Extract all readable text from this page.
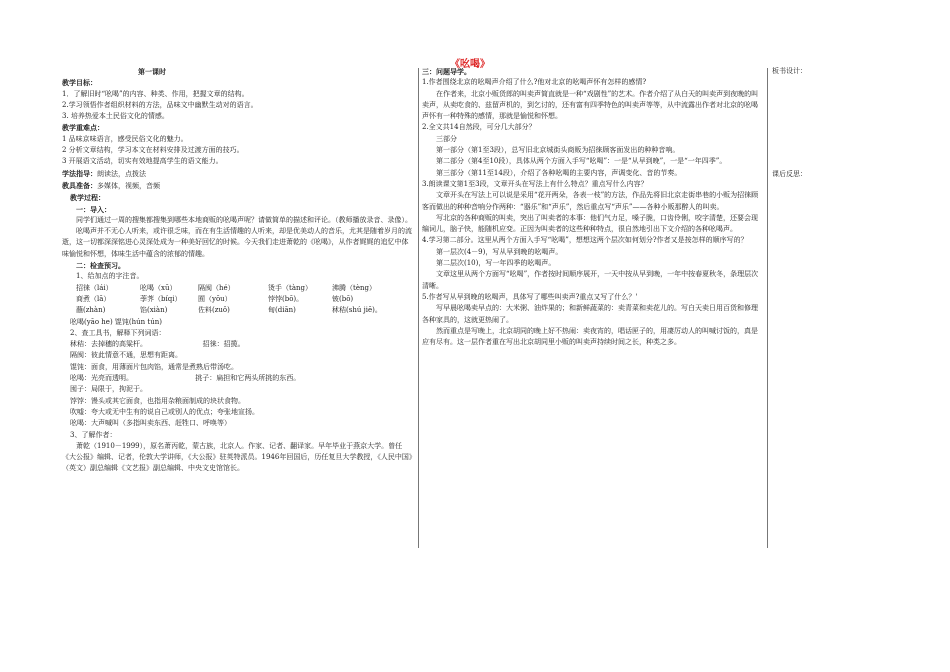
《吆喝》

第一课时

教学目标：

1．了解旧时“吆喝”的内容、种类、作用，把握文章的结构。

2.学习领悟作者组织材料的方法，品味文中幽默生动对的语言。

3. 培养热爱本土民俗文化的情感。

教学重难点：

1 品味京味语言，感受民俗文化的魅力。

2 分析文章结构，学习本文在材料安排及过渡方面的技巧。

3 开展语文活动，切实有效地提高学生的语文能力。

学法指导：朗读法，点拨法

教具准备：多媒体，视频，音频

教学过程：

一：导入：

同学们通过一周的搜集都搜集到哪些本地商贩的吆喝声呢？请做简单的描述和评论。（教师播放录音、录像）。

吆喝声并不无心人听来，或许很乏味，而在有生活情趣的人听来，却是优美动人的音乐，尤其是随着岁月的流逝，这一切都深深铭进心灵深处成为一种美好回忆的时候。今天我们走进萧乾的《吆喝》，从作者娓娓的追忆中体味愉悦和怀想，体味生活中蕴含的浓郁的情趣。

二：检查预习。

1、给加点的字注音。

招徕（lái）	吆喝（xū）	隔阂（hé）	烫手（tàng）	沸腾（tèng）
商煮（lā）	荸荠（bíqi）	囿（yōu）	悖悖(bō)。	铍(bō)
蘸(zhàn)	馅(xiàn)	佐料(zuǒ)	甸(diān)	秫秸(shú jiē)。

吆喝(yāo he) 馄饨(hún tún)

2、查工具书，解释下列词语：

秫秸：去掉穗的高粱杆。                         招徕：招揽。

隔阂：彼此情意不通，思想有距离。

馄饨：面食，用薄面片包肉馅，通常是煮熟后带汤吃。

吆喝：光亮而透明。                            挑子：扁担和它两头所挑的东西。

囤子：局限于，拘泥于。

饽饽：馒头或其它面食，也指用杂粮面制成的块状食物。

吹嘘：夸大或无中生有的说自己或别人的优点；夸张地宣扬。

吆喝：大声喊叫（多指叫卖东西、赶牲口、呼唤等）

3、了解作者：

萧乾（1910－1999），原名萧丙乾，蒙古族，北京人。作家、记者、翻译家。早年毕业于燕京大学。曾任《大公报》编辑、记者，伦敦大学讲师，《大公报》驻英特派员。1946年回国后，历任复旦大学教授，《人民中国》（英文）副总编辑《文艺报》副总编辑、中央文史馆馆长。

三：问题导学。

1.作者围绕北京的吆喝声介绍了什么?他对北京的吆喝声怀有怎样的感情?

在作者来，北京小贩货郎的叫卖声简直就是一种“戏剧性”的艺术。作者介绍了从白天的叫卖声到夜晚的叫卖声，从卖吃食的、兹留声机的，到乞讨的，还有富有四季特色的叫卖声等等，从中流露出作者对北京的吆喝声怀有一种特殊的感情，那就是愉悦和怀想。

2.全文共14自然段，可分几大部分？

三部分

第一部分（第1至3段），总写旧北京城街头商贩为招徕顾客面发出的种种音响。

第二部分（第4至10段），具体从两个方面入手写“吆喝”：一是“从早到晚”，一是“一年四季”。

第三部分（第11至14段），介绍了各种吆喝的主要内容，声调变化、音的节奏。

3.朗读课文第1至3段，文章开头在写法上有什么特点？重点写什么内容？

文章开头在写法上可以说是采用“花开两朵，各表一枝”的方法，作品先将旧北京走街串巷的小贩为招徕顾客而做出的种种音响分作两种：“器乐”和“声乐”，然后重点写“声乐”——各种小贩那醉人的叫卖。

写北京的各种商贩的叫卖，突出了叫卖者的本事：他们气力足，嗓子脆，口齿伶俐，咬字清楚，还要会现编词儿，脑子快，能随机应变。正因为叫卖者的这些种种特点，很自然地引出下文介绍的各种吆喝声。

4.学习第二部分。这里从两个方面入手写“吆喝”，想想这两个层次如何划分?作者又是按怎样的顺序写的？

第一层次(4－9)，写从早到晚的吆喝声。

第二层次(10)，写一年四季的吆喝声。

文章这里从两个方面写“吆喝”，作者按时间顺序展开，一天中按从早到晚，一年中按春夏秋冬，条理层次清晰。

5.作者写从早到晚的吆喝声，具体写了哪些叫卖声?重点又写了什么？'

写早晨吆喝卖早点的：大米粥、油炸果的；和新鲜蔬菜的：卖青菜和卖花儿的。写白天卖日用百货和修理各种家具的，这就更热闹了。

然而重点是写晚上，北京胡同的晚上好不热闹：卖夜宵的，唱话匣子的，用凄厉动人的叫喊讨饭的，真是应有尽有。这一层作者重在写出北京胡同里小贩的叫卖声持续时间之长，种类之多。

板书设计：

课后反思：
